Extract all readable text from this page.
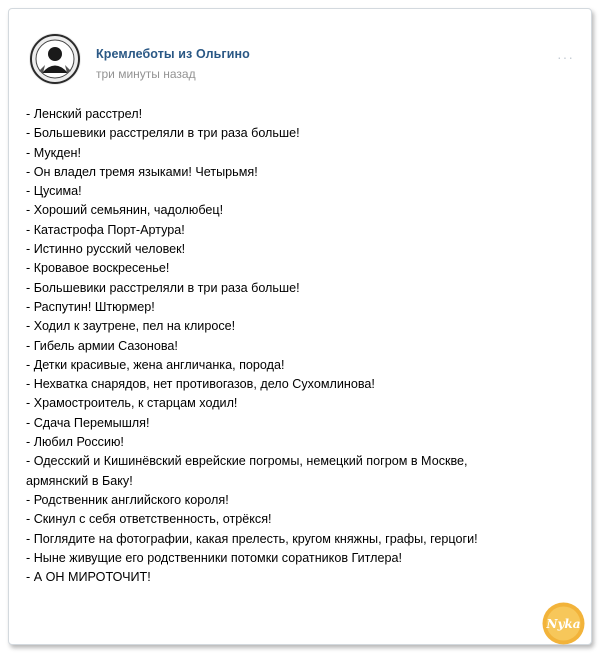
Кремлеботы из Ольгино
три минуты назад
···
- Ленский расстрел!
- Большевики расстреляли в три раза больше!
- Мукден!
- Он владел тремя языками! Четырьмя!
- Цусима!
- Хороший семьянин, чадолюбец!
- Катастрофа Порт-Артура!
- Истинно русский человек!
- Кровавое воскресенье!
- Большевики расстреляли в три раза больше!
- Распутин! Штюрмер!
- Ходил к заутрене, пел на клиросе!
- Гибель армии Сазонова!
- Детки красивые, жена англичанка, порода!
- Нехватка снарядов, нет противогазов, дело Сухомлинова!
- Храмостроитель, к старцам ходил!
- Сдача Перемышля!
- Любил Россию!
- Одесский и Кишинёвский еврейские погромы, немецкий погром в Москве,
армянский в Баку!
- Родственник английского короля!
- Скинул с себя ответственность, отрёкся!
- Поглядите на фотографии, какая прелесть, кругом княжны, графы, герцоги!
- Ныне живущие его родственники потомки соратников Гитлера!
- А ОН МИРОТОЧИТ!
Nyka
